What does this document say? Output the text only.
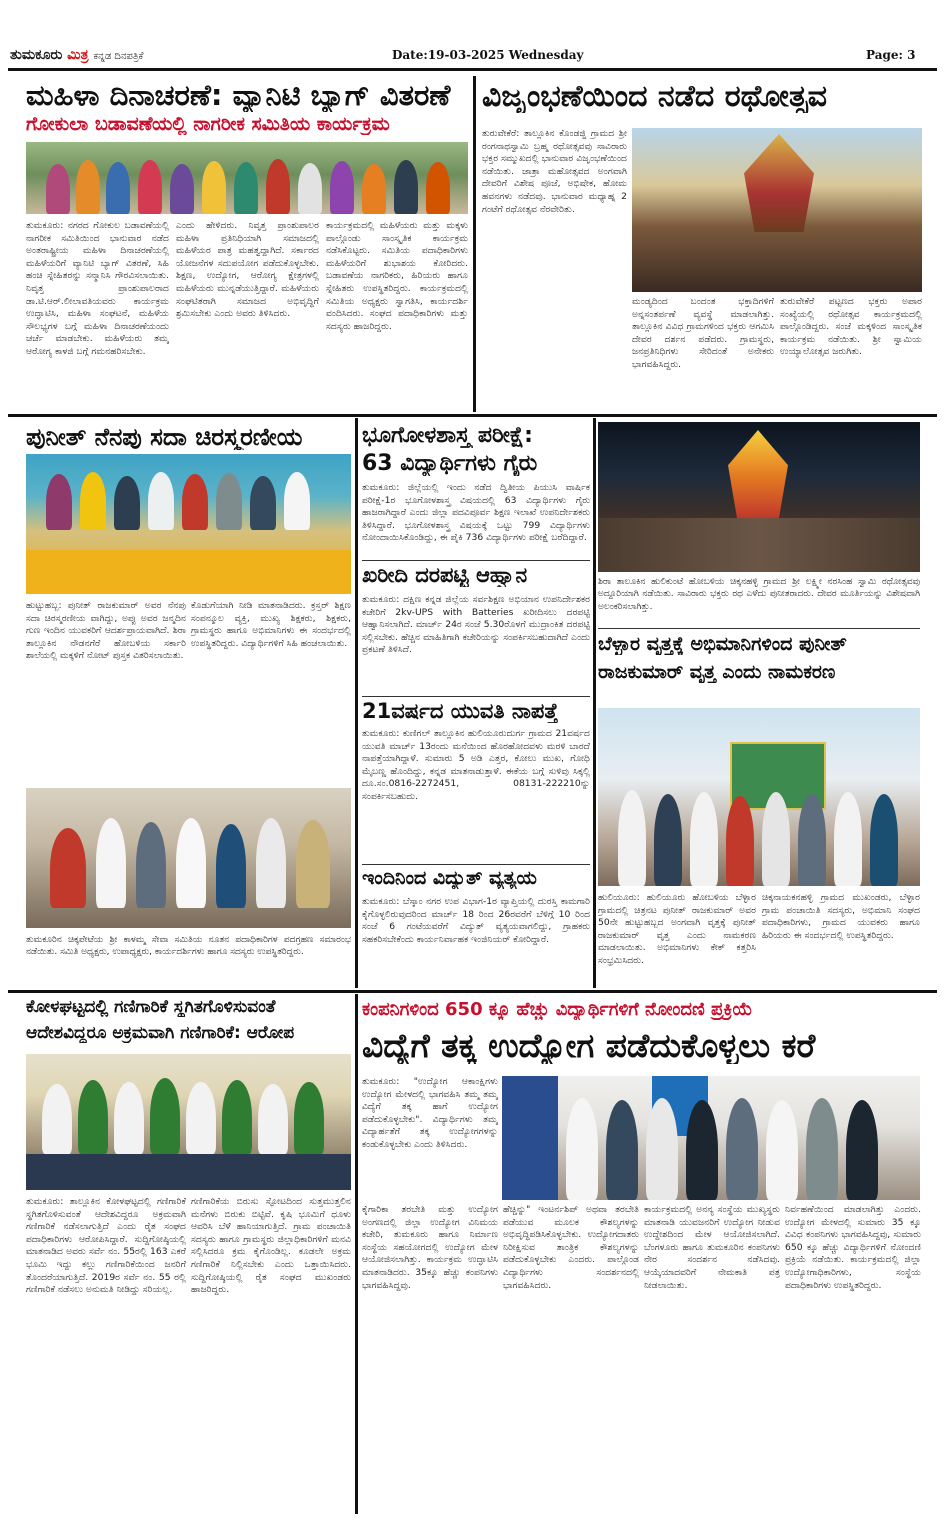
ತುಮಕೂರು ಮಿತ್ರ ಕನ್ನಡ ದಿನಪತ್ರಿಕೆ	Date:19-03-2025 Wednesday	Page: 3
ಮಹಿಳಾ ದಿನಾಚರಣೆ: ವ್ಯಾನಿಟಿ ಬ್ಯಾಗ್ ವಿತರಣೆ
ಗೋಕುಲಾ ಬಡಾವಣೆಯಲ್ಲಿ ನಾಗರೀಕ ಸಮಿತಿಯ ಕಾರ್ಯಕ್ರಮ
ತುಮಕೂರು: ನಗರದ ಗೋಕುಲ ಬಡಾವಣೆಯಲ್ಲಿ ನಾಗರೀಕ ಸಮಿತಿಯಿಂದ ಭಾನುವಾರ ನಡೆದ ಅಂತರಾಷ್ಟ್ರೀಯ ಮಹಿಳಾ ದಿನಾಚರಣೆಯಲ್ಲಿ ಮಹಿಳೆಯರಿಗೆ ವ್ಯಾನಿಟಿ ಬ್ಯಾಗ್ ವಿತರಣೆ, ಸಿಹಿ ಹಂಚಿ ಸ್ನೇಹಿತರನ್ನು ಸನ್ಮಾನಿಸಿ ಗೌರವಿಸಲಾಯಿತು. ನಿವೃತ್ತ ಪ್ರಾಂಶುಪಾಲರಾದ ಡಾ.ಟಿ.ಆರ್.ಲೀಲಾವತಿಯವರು ಕಾರ್ಯಕ್ರಮ ಉದ್ಘಾಟಿಸಿ, ಮಹಿಳಾ ಸಂಘಟನೆ, ಮಹಿಳೆಯ ಸೌಲಭ್ಯಗಳ ಬಗ್ಗೆ ಮಹಿಳಾ ದಿನಾಚರಣೆಯಂದು ಚರ್ಚೆ ಮಾಡಬೇಕು. ಮಹಿಳೆಯರು ತಮ್ಮ ಆರೋಗ್ಯ ಕಾಳಜಿ ಬಗ್ಗೆ ಗಮನಹರಿಸಬೇಕು.
ಎಂದು ಹೇಳಿದರು. ನಿವೃತ್ತ ಪ್ರಾಂಶುಪಾಲರ ಮಹಿಳಾ ಪ್ರತಿನಿಧಿಯಾಗಿ ಸಮಾಜದಲ್ಲಿ ಮಹಿಳೆಯರ ಪಾತ್ರ ಮಹತ್ವದ್ದಾಗಿದೆ. ಸರ್ಕಾರದ ಯೋಜನೆಗಳ ಸದುಪಯೋಗ ಪಡೆದುಕೊಳ್ಳಬೇಕು. ಶಿಕ್ಷಣ, ಉದ್ಯೋಗ, ಆರೋಗ್ಯ ಕ್ಷೇತ್ರಗಳಲ್ಲಿ ಮಹಿಳೆಯರು ಮುನ್ನಡೆಯುತ್ತಿದ್ದಾರೆ. ಮಹಿಳೆಯರು ಸಂಘಟಿತರಾಗಿ ಸಮಾಜದ ಅಭಿವೃದ್ಧಿಗೆ ಶ್ರಮಿಸಬೇಕು ಎಂದು ಅವರು ತಿಳಿಸಿದರು.
ಕಾರ್ಯಕ್ರಮದಲ್ಲಿ ಮಹಿಳೆಯರು ಮತ್ತು ಮಕ್ಕಳು ಪಾಲ್ಗೊಂಡು ಸಾಂಸ್ಕೃತಿಕ ಕಾರ್ಯಕ್ರಮ ನಡೆಸಿಕೊಟ್ಟರು. ಸಮಿತಿಯ ಪದಾಧಿಕಾರಿಗಳು ಮಹಿಳೆಯರಿಗೆ ಶುಭಾಶಯ ಕೋರಿದರು. ಬಡಾವಣೆಯ ನಾಗರಿಕರು, ಹಿರಿಯರು ಹಾಗೂ ಸ್ನೇಹಿತರು ಉಪಸ್ಥಿತರಿದ್ದರು. ಕಾರ್ಯಕ್ರಮದಲ್ಲಿ ಸಮಿತಿಯ ಅಧ್ಯಕ್ಷರು ಸ್ವಾಗತಿಸಿ, ಕಾರ್ಯದರ್ಶಿ ವಂದಿಸಿದರು. ಸಂಘದ ಪದಾಧಿಕಾರಿಗಳು ಮತ್ತು ಸದಸ್ಯರು ಹಾಜರಿದ್ದರು.
ವಿಜೃಂಭಣೆಯಿಂದ ನಡೆದ ರಥೋತ್ಸವ
ತುರುವೇಕೆರೆ: ತಾಲ್ಲೂಕಿನ ಕೊಂಡಜ್ಜಿ ಗ್ರಾಮದ ಶ್ರೀ ರಂಗನಾಥಸ್ವಾಮಿ ಬ್ರಹ್ಮ ರಥೋತ್ಸವವು ಸಾವಿರಾರು ಭಕ್ತರ ಸಮ್ಮುಖದಲ್ಲಿ ಭಾನುವಾರ ವಿಜೃಂಭಣೆಯಿಂದ ನಡೆಯಿತು. ಜಾತ್ರಾ ಮಹೋತ್ಸವದ ಅಂಗವಾಗಿ ದೇವರಿಗೆ ವಿಶೇಷ ಪೂಜೆ, ಅಭಿಷೇಕ, ಹೋಮ ಹವನಗಳು ನಡೆದವು. ಭಾನುವಾರ ಮಧ್ಯಾಹ್ನ 2 ಗಂಟೆಗೆ ರಥೋತ್ಸವ ನೆರವೇರಿತು.
ಮಂಡ್ಯದಿಂದ ಬಂದಂತ ಭಕ್ತಾದಿಗಳಿಗೆ ಅನ್ನಸಂತರ್ಪಣೆ ವ್ಯವಸ್ಥೆ ಮಾಡಲಾಗಿತ್ತು. ತಾಲ್ಲೂಕಿನ ವಿವಿಧ ಗ್ರಾಮಗಳಿಂದ ಭಕ್ತರು ಆಗಮಿಸಿ ದೇವರ ದರ್ಶನ ಪಡೆದರು. ಗ್ರಾಮಸ್ಥರು, ಜನಪ್ರತಿನಿಧಿಗಳು ಸೇರಿದಂತೆ ಅನೇಕರು ಭಾಗವಹಿಸಿದ್ದರು.
ತುರುವೇಕೆರೆ ಪಟ್ಟಣದ ಭಕ್ತರು ಅಪಾರ ಸಂಖ್ಯೆಯಲ್ಲಿ ರಥೋತ್ಸವ ಕಾರ್ಯಕ್ರಮದಲ್ಲಿ ಪಾಲ್ಗೊಂಡಿದ್ದರು. ಸಂಜೆ ಮಕ್ಕಳಿಂದ ಸಾಂಸ್ಕೃತಿಕ ಕಾರ್ಯಕ್ರಮ ನಡೆಯಿತು. ಶ್ರೀ ಸ್ವಾಮಿಯ ಉಯ್ಯಾಲೋತ್ಸವ ಜರುಗಿತು.
ಪುನೀತ್ ನೆನಪು ಸದಾ ಚಿರಸ್ಮರಣೀಯ
ಹುಟ್ಟುಹಬ್ಬ: ಪುನೀತ್ ರಾಜಕುಮಾರ್ ಅವರ ನೆನಪು ಸದಾ ಚಿರಸ್ಮರಣೀಯ ವಾಗಿದ್ದು, ಅಪ್ಪು ಅವರ ಜನ್ಮದಿನ ಗುಣ ಇಂದಿನ ಯುವಕರಿಗೆ ಆದರ್ಶಪ್ರಾಯವಾಗಿದೆ. ಶಿರಾ ತಾಲ್ಲೂಕಿನ ನೌಡನಗೆರೆ ಹೋಬಳಿಯ ಸರ್ಕಾರಿ ಶಾಲೆಯಲ್ಲಿ ಮಕ್ಕಳಿಗೆ ನೋಟ್ ಪುಸ್ತಕ ವಿತರಿಸಲಾಯಿತು.
ಕೊಡುಗೆಯಾಗಿ ನೀಡಿ ಮಾತನಾಡಿದರು. ಕ್ರಸ್ತರ್ ಶಿಕ್ಷಣ ಸಂಪನ್ಮೂಲ ವ್ಯಕ್ತಿ, ಮುಖ್ಯ ಶಿಕ್ಷಕರು, ಶಿಕ್ಷಕರು, ಗ್ರಾಮಸ್ಥರು ಹಾಗೂ ಅಭಿಮಾನಿಗಳು ಈ ಸಂದರ್ಭದಲ್ಲಿ ಉಪಸ್ಥಿತರಿದ್ದರು. ವಿದ್ಯಾರ್ಥಿಗಳಿಗೆ ಸಿಹಿ ಹಂಚಲಾಯಿತು.
ತುಮಕೂರಿನ ಚಿಕ್ಕಪೇಟೆಯ ಶ್ರೀ ಕಾಳಮ್ಮ ಸೇವಾ ಸಮಿತಿಯ ನೂತನ ಪದಾಧಿಕಾರಿಗಳ ಪದಗ್ರಹಣ ಸಮಾರಂಭ ನಡೆಯಿತು. ಸಮಿತಿ ಅಧ್ಯಕ್ಷರು, ಉಪಾಧ್ಯಕ್ಷರು, ಕಾರ್ಯದರ್ಶಿಗಳು ಹಾಗೂ ಸದಸ್ಯರು ಉಪಸ್ಥಿತರಿದ್ದರು.
ಭೂಗೋಳಶಾಸ್ತ್ರ ಪರೀಕ್ಷೆ:
63 ವಿದ್ಯಾರ್ಥಿಗಳು ಗೈರು
ತುಮಕೂರು: ಜಿಲ್ಲೆಯಲ್ಲಿ ಇಂದು ನಡೆದ ದ್ವಿತೀಯ ಪಿಯುಸಿ ವಾರ್ಷಿಕ ಪರೀಕ್ಷೆ-1ರ ಭೂಗೋಳಶಾಸ್ತ್ರ ವಿಷಯದಲ್ಲಿ 63 ವಿದ್ಯಾರ್ಥಿಗಳು ಗೈರು ಹಾಜರಾಗಿದ್ದಾರೆ ಎಂದು ಜಿಲ್ಲಾ ಪದವಿಪೂರ್ವ ಶಿಕ್ಷಣ ಇಲಾಖೆ ಉಪನಿರ್ದೇಶಕರು ತಿಳಿಸಿದ್ದಾರೆ. ಭೂಗೋಳಶಾಸ್ತ್ರ ವಿಷಯಕ್ಕೆ ಒಟ್ಟು 799 ವಿದ್ಯಾರ್ಥಿಗಳು ನೋಂದಾಯಿಸಿಕೊಂಡಿದ್ದು, ಈ ಪೈಕಿ 736 ವಿದ್ಯಾರ್ಥಿಗಳು ಪರೀಕ್ಷೆ ಬರೆದಿದ್ದಾರೆ.
ಖರೀದಿ ದರಪಟ್ಟಿ ಆಹ್ವಾನ
ತುಮಕೂರು: ದಕ್ಷಿಣ ಕನ್ನಡ ಜಿಲ್ಲೆಯ ಸರ್ವಶಿಕ್ಷಣ ಅಭಿಯಾನ ಉಪನಿರ್ದೇಶಕರ ಕಚೇರಿಗೆ 2kv-UPS with Batteries ಖರೀದಿಸಲು ದರಪಟ್ಟಿ ಆಹ್ವಾನಿಸಲಾಗಿದೆ. ಮಾರ್ಚ್ 24ರ ಸಂಜೆ 5.30ರೊಳಗೆ ಮುದ್ರಾಂಕಿತ ದರಪಟ್ಟಿ ಸಲ್ಲಿಸಬೇಕು. ಹೆಚ್ಚಿನ ಮಾಹಿತಿಗಾಗಿ ಕಚೇರಿಯನ್ನು ಸಂಪರ್ಕಿಸಬಹುದಾಗಿದೆ ಎಂದು ಪ್ರಕಟಣೆ ತಿಳಿಸಿದೆ.
21ವರ್ಷದ ಯುವತಿ ನಾಪತ್ತೆ
ತುಮಕೂರು: ಕುಣಿಗಲ್ ತಾಲ್ಲೂಕಿನ ಹುಲಿಯೂರುದುರ್ಗ ಗ್ರಾಮದ 21ವರ್ಷದ ಯುವತಿ ಮಾರ್ಚ್ 13ರಂದು ಮನೆಯಿಂದ ಹೊರಹೋದವಳು ಮರಳಿ ಬಾರದೆ ನಾಪತ್ತೆಯಾಗಿದ್ದಾಳೆ. ಸುಮಾರು 5 ಅಡಿ ಎತ್ತರ, ಕೋಲು ಮುಖ, ಗೋಧಿ ಮೈಬಣ್ಣ ಹೊಂದಿದ್ದು, ಕನ್ನಡ ಮಾತನಾಡುತ್ತಾಳೆ. ಈಕೆಯ ಬಗ್ಗೆ ಸುಳಿವು ಸಿಕ್ಕಲ್ಲಿ ದೂ.ಸಂ.0816-2272451, 08131-222210ನ್ನು ಸಂಪರ್ಕಿಸಬಹುದು.
ಇಂದಿನಿಂದ ವಿದ್ಯುತ್ ವ್ಯತ್ಯಯ
ತುಮಕೂರು: ಬೆಸ್ಕಾಂ ನಗರ ಉಪ ವಿಭಾಗ-1ರ ವ್ಯಾಪ್ತಿಯಲ್ಲಿ ದುರಸ್ತಿ ಕಾಮಗಾರಿ ಕೈಗೊಳ್ಳಲಿರುವುದರಿಂದ ಮಾರ್ಚ್ 18 ರಿಂದ 26ರವರೆಗೆ ಬೆಳಿಗ್ಗೆ 10 ರಿಂದ ಸಂಜೆ 6 ಗಂಟೆಯವರೆಗೆ ವಿದ್ಯುತ್ ವ್ಯತ್ಯಯವಾಗಲಿದ್ದು, ಗ್ರಾಹಕರು ಸಹಕರಿಸಬೇಕೆಂದು ಕಾರ್ಯನಿರ್ವಾಹಕ ಇಂಜಿನಿಯರ್ ಕೋರಿದ್ದಾರೆ.
ಶಿರಾ ತಾಲೂಕಿನ ಹುಲಿಕುಂಟೆ ಹೋಬಳಿಯ ಚಿಕ್ಕನಹಳ್ಳಿ ಗ್ರಾಮದ ಶ್ರೀ ಲಕ್ಷ್ಮೀ ನರಸಿಂಹ ಸ್ವಾಮಿ ರಥೋತ್ಸವವು ಅದ್ದೂರಿಯಾಗಿ ನಡೆಯಿತು. ಸಾವಿರಾರು ಭಕ್ತರು ರಥ ಎಳೆದು ಪುನೀತರಾದರು. ದೇವರ ಮೂರ್ತಿಯನ್ನು ವಿಶೇಷವಾಗಿ ಅಲಂಕರಿಸಲಾಗಿತ್ತು.
ಬೆಳ್ಳಾರ ವೃತ್ತಕ್ಕೆ ಅಭಿಮಾನಿಗಳಿಂದ ಪುನೀತ್
ರಾಜಕುಮಾರ್ ವೃತ್ತ ಎಂದು ನಾಮಕರಣ
ಹುಲಿಯೂರು: ಹುಲಿಯೂರು ಹೋಬಳಿಯ ಬೆಳ್ಳಾರ ಗ್ರಾಮದಲ್ಲಿ ಚಿತ್ರನಟ ಪುನೀತ್ ರಾಜಕುಮಾರ್ ಅವರ 50ನೇ ಹುಟ್ಟುಹಬ್ಬದ ಅಂಗವಾಗಿ ವೃತ್ತಕ್ಕೆ ಪುನೀತ್ ರಾಜಕುಮಾರ್ ವೃತ್ತ ಎಂದು ನಾಮಕರಣ ಮಾಡಲಾಯಿತು. ಅಭಿಮಾನಿಗಳು ಕೇಕ್ ಕತ್ತರಿಸಿ ಸಂಭ್ರಮಿಸಿದರು.
ಚಿಕ್ಕನಾಯಕನಹಳ್ಳಿ ಗ್ರಾಮದ ಮುಖಂಡರು, ಬೆಳ್ಳಾರ ಗ್ರಾಮ ಪಂಚಾಯಿತಿ ಸದಸ್ಯರು, ಅಭಿಮಾನಿ ಸಂಘದ ಪದಾಧಿಕಾರಿಗಳು, ಗ್ರಾಮದ ಯುವಕರು ಹಾಗೂ ಹಿರಿಯರು ಈ ಸಂದರ್ಭದಲ್ಲಿ ಉಪಸ್ಥಿತರಿದ್ದರು.
ಕೋಳಘಟ್ಟದಲ್ಲಿ ಗಣಿಗಾರಿಕೆ ಸ್ಥಗಿತಗೊಳಿಸುವಂತೆ
ಆದೇಶವಿದ್ದರೂ ಅಕ್ರಮವಾಗಿ ಗಣಿಗಾರಿಕೆ: ಆರೋಪ
ತುಮಕೂರು: ತಾಲ್ಲೂಕಿನ ಕೋಳಘಟ್ಟದಲ್ಲಿ ಗಣಿಗಾರಿಕೆ ಸ್ಥಗಿತಗೊಳಿಸುವಂತೆ ಆದೇಶವಿದ್ದರೂ ಅಕ್ರಮವಾಗಿ ಗಣಿಗಾರಿಕೆ ನಡೆಸಲಾಗುತ್ತಿದೆ ಎಂದು ರೈತ ಸಂಘದ ಪದಾಧಿಕಾರಿಗಳು ಆರೋಪಿಸಿದ್ದಾರೆ. ಸುದ್ದಿಗೋಷ್ಠಿಯಲ್ಲಿ ಮಾತನಾಡಿದ ಅವರು ಸರ್ವೆ ನಂ. 55ರಲ್ಲಿ 163 ಎಕರೆ ಭೂಮಿ ಇದ್ದು ಕಲ್ಲು ಗಣಿಗಾರಿಕೆಯಿಂದ ಜನರಿಗೆ ತೊಂದರೆಯಾಗುತ್ತಿದೆ. 2019ರ ಸರ್ವೆ ನಂ. 55 ರಲ್ಲಿ ಗಣಿಗಾರಿಕೆ ನಡೆಸಲು ಅನುಮತಿ ನೀಡಿದ್ದು ಸರಿಯಲ್ಲ.
ಗಣಿಗಾರಿಕೆಯ ಬಿರುಸು ಸ್ಫೋಟದಿಂದ ಸುತ್ತಮುತ್ತಲಿನ ಮನೆಗಳು ಬಿರುಕು ಬಿಟ್ಟಿವೆ. ಕೃಷಿ ಭೂಮಿಗೆ ಧೂಳು ಆವರಿಸಿ ಬೆಳೆ ಹಾನಿಯಾಗುತ್ತಿದೆ. ಗ್ರಾಮ ಪಂಚಾಯಿತಿ ಸದಸ್ಯರು ಹಾಗೂ ಗ್ರಾಮಸ್ಥರು ಜಿಲ್ಲಾಧಿಕಾರಿಗಳಿಗೆ ಮನವಿ ಸಲ್ಲಿಸಿದರೂ ಕ್ರಮ ಕೈಗೊಂಡಿಲ್ಲ. ಕೂಡಲೇ ಅಕ್ರಮ ಗಣಿಗಾರಿಕೆ ನಿಲ್ಲಿಸಬೇಕು ಎಂದು ಒತ್ತಾಯಿಸಿದರು. ಸುದ್ದಿಗೋಷ್ಠಿಯಲ್ಲಿ ರೈತ ಸಂಘದ ಮುಖಂಡರು ಹಾಜರಿದ್ದರು.
ಕಂಪನಿಗಳಿಂದ 650 ಕ್ಕೂ ಹೆಚ್ಚು ವಿದ್ಯಾರ್ಥಿಗಳಿಗೆ ನೋಂದಣಿ ಪ್ರಕ್ರಿಯೆ
ವಿದ್ಯೆಗೆ ತಕ್ಕ ಉದ್ಯೋಗ ಪಡೆದುಕೊಳ್ಳಲು ಕರೆ
ತುಮಕೂರು: "ಉದ್ಯೋಗ ಆಕಾಂಕ್ಷಿಗಳು ಉದ್ಯೋಗ ಮೇಳದಲ್ಲಿ ಭಾಗವಹಿಸಿ ತಮ್ಮ ತಮ್ಮ ವಿದ್ಯೆಗೆ ತಕ್ಕ ಹಾಗೆ ಉದ್ಯೋಗ ಪಡೆದುಕೊಳ್ಳಬೇಕು". ವಿದ್ಯಾರ್ಥಿಗಳು ತಮ್ಮ ವಿದ್ಯಾರ್ಹತೆಗೆ ತಕ್ಕ ಉದ್ಯೋಗಗಳನ್ನು ಕಂಡುಕೊಳ್ಳಬೇಕು ಎಂದು ತಿಳಿಸಿದರು.
ಕೈಗಾರಿಕಾ ತರಬೇತಿ ಮತ್ತು ಉದ್ಯೋಗ ಅಂಗಣದಲ್ಲಿ ಜಿಲ್ಲಾ ಉದ್ಯೋಗ ವಿನಿಮಯ ಕಚೇರಿ, ತುಮಕೂರು ಹಾಗೂ ನಿರ್ಮಾಣ ಸಂಸ್ಥೆಯ ಸಹಯೋಗದಲ್ಲಿ ಉದ್ಯೋಗ ಮೇಳ ಆಯೋಜಿಸಲಾಗಿತ್ತು. ಕಾರ್ಯಕ್ರಮ ಉದ್ಘಾಟಿಸಿ ಮಾತನಾಡಿದರು. 35ಕ್ಕೂ ಹೆಚ್ಚು ಕಂಪನಿಗಳು ಭಾಗವಹಿಸಿದ್ದವು.
ಹೆಚ್ಚಿನ್ನು" ಇಂಟರ್ನಶಿಪ್ ಅಥವಾ ತರಬೇತಿ ಪಡೆಯುವ ಮೂಲಕ ಕೌಶಲ್ಯಗಳನ್ನು ಅಭಿವೃದ್ಧಿಪಡಿಸಿಕೊಳ್ಳಬೇಕು. ಉದ್ಯೋಗದಾತರು ನಿರೀಕ್ಷಿಸುವ ತಾಂತ್ರಿಕ ಕೌಶಲ್ಯಗಳನ್ನು ಪಡೆದುಕೊಳ್ಳಬೇಕು ಎಂದರು. ಪಾಲ್ಗೊಂಡ ವಿದ್ಯಾರ್ಥಿಗಳು ಸಂದರ್ಶನದಲ್ಲಿ ಭಾಗವಹಿಸಿದರು.
ಕಾರ್ಯಕ್ರಮದಲ್ಲಿ ಅನನ್ಯ ಸಂಸ್ಥೆಯ ಮುಖ್ಯಸ್ಥರು ಮಾತನಾಡಿ ಯುವಜನರಿಗೆ ಉದ್ಯೋಗ ನೀಡುವ ಉದ್ದೇಶದಿಂದ ಮೇಳ ಆಯೋಜಿಸಲಾಗಿದೆ. ಬೆಂಗಳೂರು ಹಾಗೂ ತುಮಕೂರಿನ ಕಂಪನಿಗಳು ನೇರ ಸಂದರ್ಶನ ನಡೆಸಿದವು. ಆಯ್ಕೆಯಾದವರಿಗೆ ನೇಮಕಾತಿ ಪತ್ರ ನೀಡಲಾಯಿತು.
ನಿರ್ವಹಣೆಯಿಂದ ಮಾಡಲಾಗಿತ್ತು ಎಂದರು. ಉದ್ಯೋಗ ಮೇಳದಲ್ಲಿ ಸುಮಾರು 35 ಕ್ಕೂ ವಿವಿಧ ಕಂಪನಿಗಳು ಭಾಗವಹಿಸಿದ್ದವು, ಸುಮಾರು 650 ಕ್ಕೂ ಹೆಚ್ಚು ವಿದ್ಯಾರ್ಥಿಗಳಿಗೆ ನೋಂದಣಿ ಪ್ರಕ್ರಿಯೆ ನಡೆಯಿತು. ಕಾರ್ಯಕ್ರಮದಲ್ಲಿ ಜಿಲ್ಲಾ ಉದ್ಯೋಗಾಧಿಕಾರಿಗಳು, ಸಂಸ್ಥೆಯ ಪದಾಧಿಕಾರಿಗಳು ಉಪಸ್ಥಿತರಿದ್ದರು.
